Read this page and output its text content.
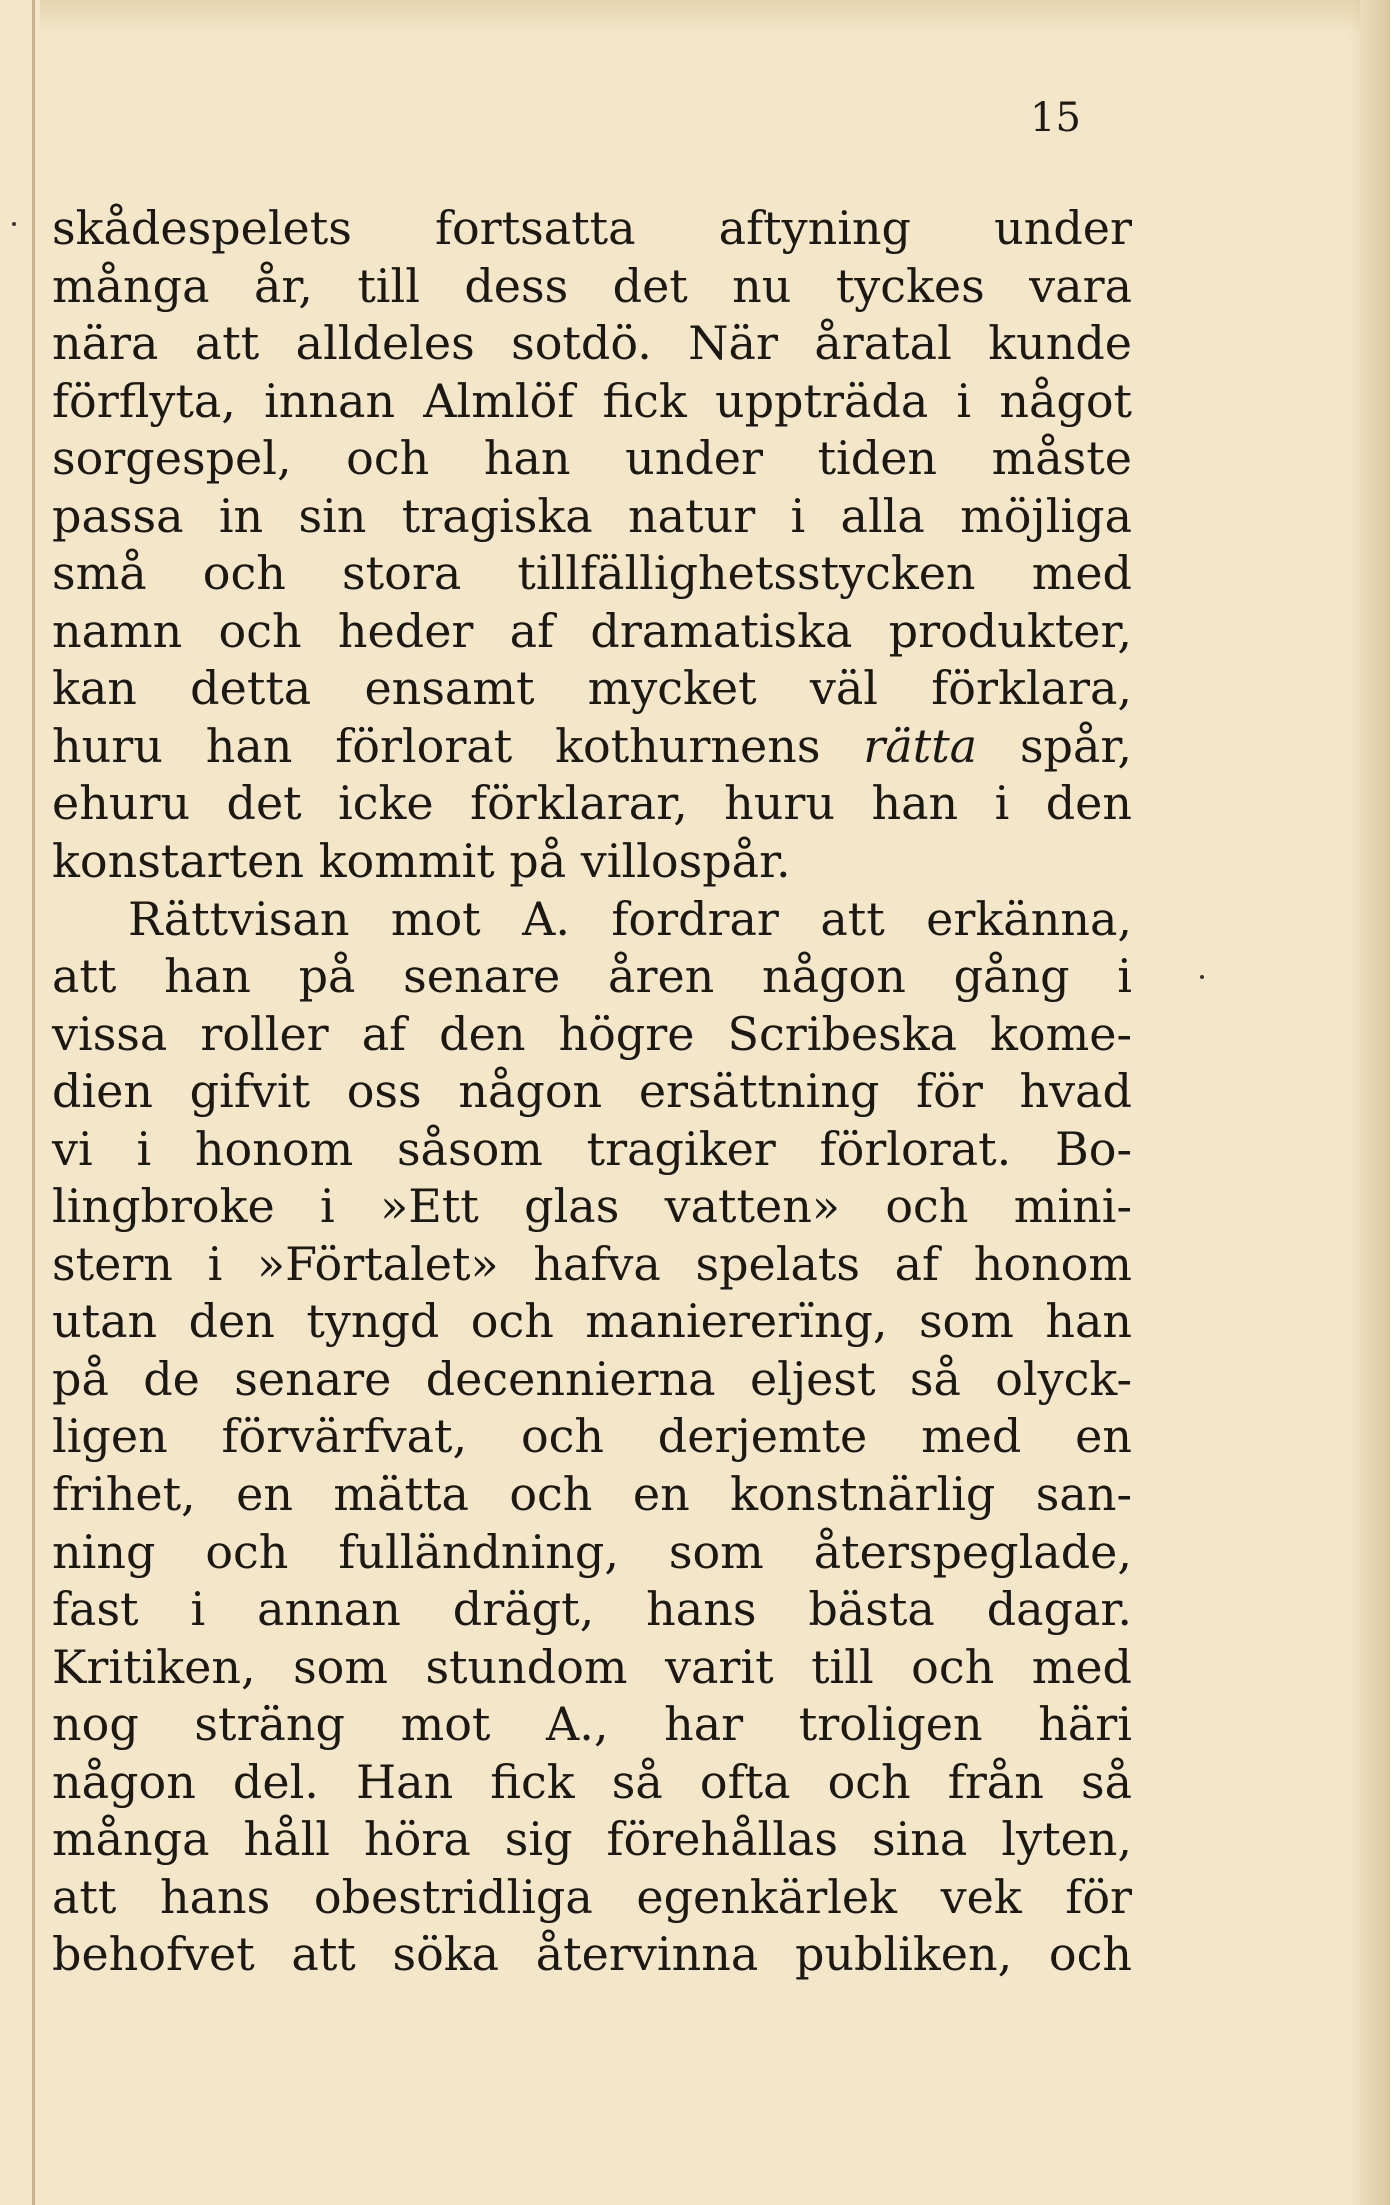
15
skådespelets fortsatta aftyning under
många år, till dess det nu tyckes vara
nära att alldeles sotdö. När åratal kunde
förflyta, innan Almlöf fick uppträda i något
sorgespel, och han under tiden måste
passa in sin tragiska natur i alla möjliga
små och stora tillfällighetsstycken med
namn och heder af dramatiska produkter,
kan detta ensamt mycket väl förklara,
huru han förlorat kothurnens rätta spår,
ehuru det icke förklarar, huru han i den
konstarten kommit på villospår.
Rättvisan mot A. fordrar att erkänna,
att han på senare åren någon gång i
vissa roller af den högre Scribeska kome-
dien gifvit oss någon ersättning för hvad
vi i honom såsom tragiker förlorat. Bo-
lingbroke i »Ett glas vatten» och mini-
stern i »Förtalet» hafva spelats af honom
utan den tyngd och maniererïng, som han
på de senare decennierna eljest så olyck-
ligen förvärfvat, och derjemte med en
frihet, en mätta och en konstnärlig san-
ning och fulländning, som återspeglade,
fast i annan drägt, hans bästa dagar.
Kritiken, som stundom varit till och med
nog sträng mot A., har troligen häri
någon del. Han fick så ofta och från så
många håll höra sig förehållas sina lyten,
att hans obestridliga egenkärlek vek för
behofvet att söka återvinna publiken, och
